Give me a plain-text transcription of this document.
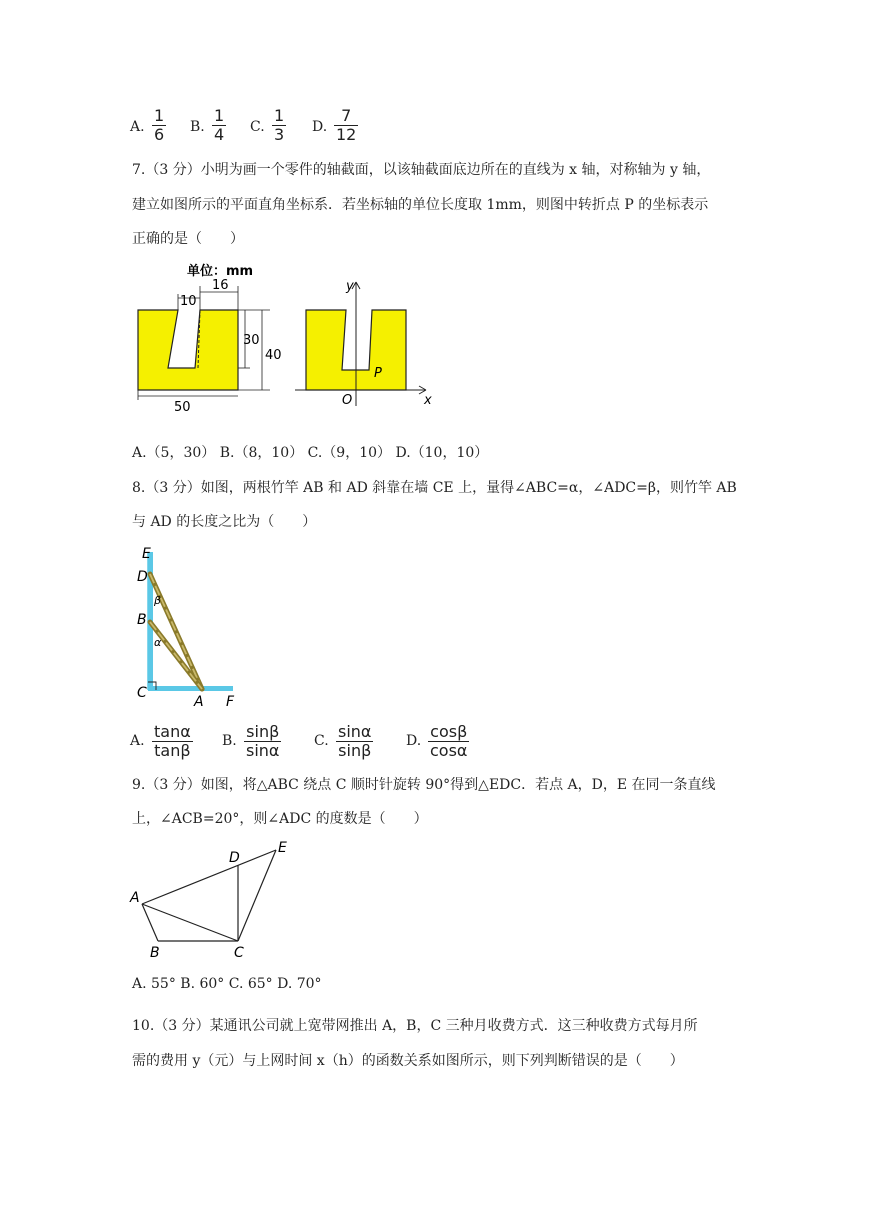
A. $\frac{1}{6} B$. $\frac{1}{4} C$. $\frac{1}{3} D$. $\frac{7}{12}$
7.（3 分）小明为画一个零件的轴截面，以该轴截面底边所在的直线为 x 轴，对称轴为 y 轴，
建立如图所示的平面直角坐标系．若坐标轴的单位长度取 1mm，则图中转折点 P 的坐标表示
正确的是（　　）
单位：mm
10
16
30
40
50
y
x
O
P
A.（5，30） B.（8，10） C.（9，10） D.（10，10）
8.（3 分）如图，两根竹竿 AB 和 AD 斜靠在墙 CE 上，量得∠ABC=α，∠ADC=β，则竹竿 AB
与 AD 的长度之比为（　　）
E
D
B
C
A F
β
α
A. $\frac{\tan\alpha}{\tan\beta} B$. $\frac{\sin\beta}{\sin\alpha} C$. $\frac{\sin\alpha}{\sin\beta} D$. $\frac{\cos\beta}{\cos\alpha}$
9.（3 分）如图，将△ABC 绕点 C 顺时针旋转 90°得到△EDC．若点 A，D，E 在同一条直线
上，∠ACB=20°，则∠ADC 的度数是（　　）
A
B	C
D
E
A. 55° B. 60° C. 65° D. 70°
10.（3 分）某通讯公司就上宽带网推出 A，B，C 三种月收费方式．这三种收费方式每月所
需的费用 y（元）与上网时间 x（h）的函数关系如图所示，则下列判断错误的是（　　）
